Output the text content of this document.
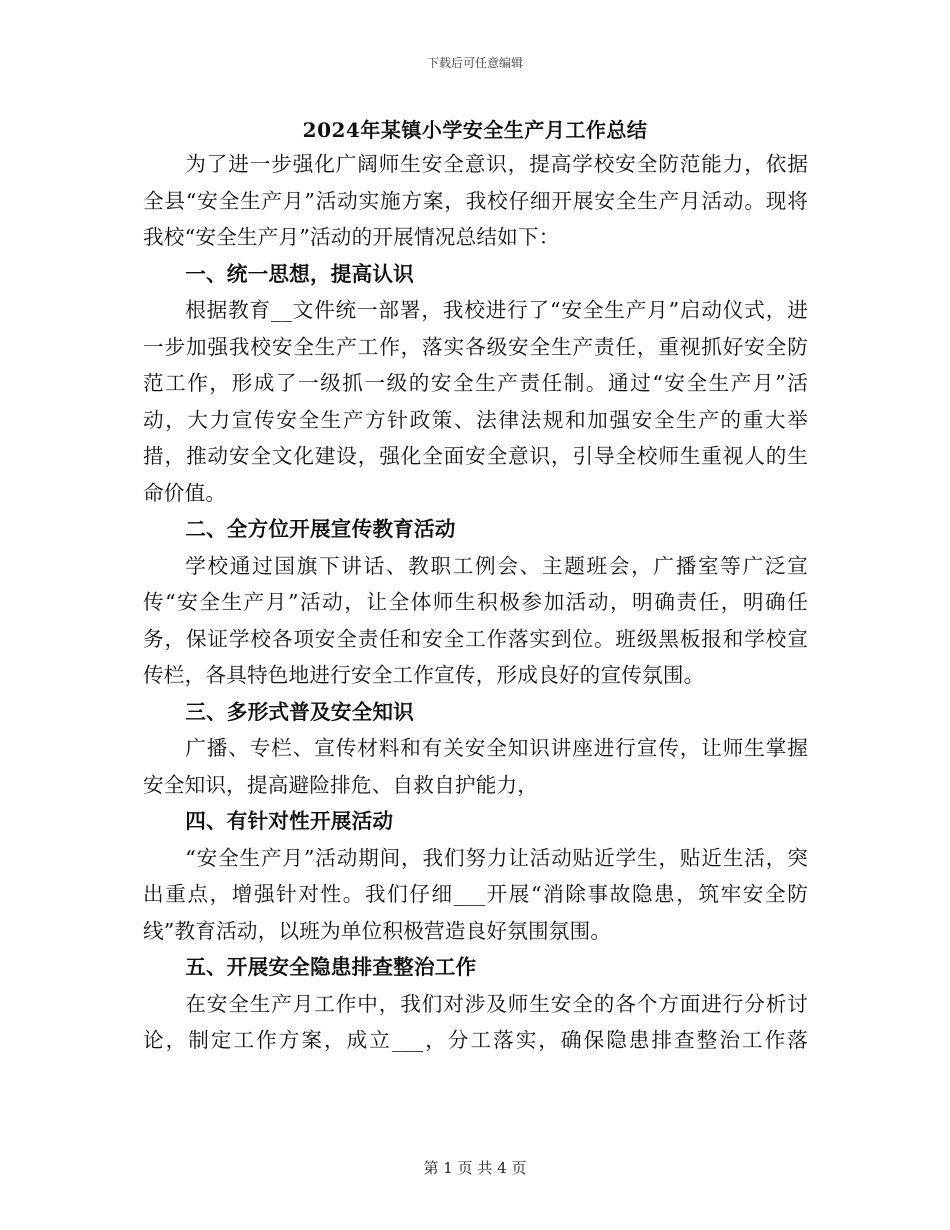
下载后可任意编辑
2024年某镇小学安全生产月工作总结

为了进一步强化广阔师生安全意识，提高学校安全防范能力，依据全县“安全生产月”活动实施方案，我校仔细开展安全生产月活动。现将我校“安全生产月”活动的开展情况总结如下：

一、统一思想，提高认识

根据教育__文件统一部署，我校进行了“安全生产月”启动仪式，进一步加强我校安全生产工作，落实各级安全生产责任，重视抓好安全防范工作，形成了一级抓一级的安全生产责任制。通过“安全生产月”活动，大力宣传安全生产方针政策、法律法规和加强安全生产的重大举措，推动安全文化建设，强化全面安全意识，引导全校师生重视人的生命价值。

二、全方位开展宣传教育活动

学校通过国旗下讲话、教职工例会、主题班会，广播室等广泛宣传“安全生产月”活动，让全体师生积极参加活动，明确责任，明确任务，保证学校各项安全责任和安全工作落实到位。班级黑板报和学校宣传栏，各具特色地进行安全工作宣传，形成良好的宣传氛围。

三、多形式普及安全知识

广播、专栏、宣传材料和有关安全知识讲座进行宣传，让师生掌握安全知识，提高避险排危、自救自护能力，

四、有针对性开展活动

“安全生产月”活动期间，我们努力让活动贴近学生，贴近生活，突出重点，增强针对性。我们仔细___开展“消除事故隐患，筑牢安全防线”教育活动，以班为单位积极营造良好氛围氛围。

五、开展安全隐患排查整治工作

在安全生产月工作中，我们对涉及师生安全的各个方面进行分析讨论，制定工作方案，成立___，分工落实，确保隐患排查整治工作落

第 1 页 共 4 页
